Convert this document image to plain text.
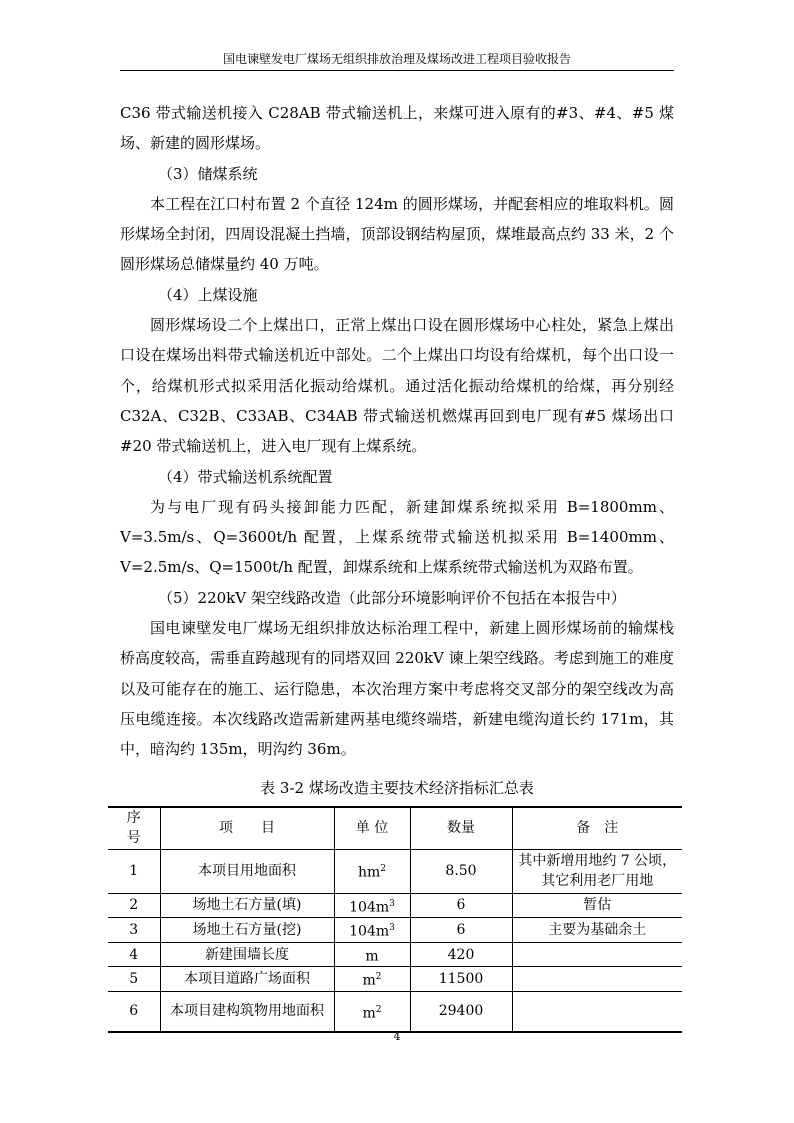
国电谏壁发电厂煤场无组织排放治理及煤场改进工程项目验收报告

C36 带式输送机接入 C28AB 带式输送机上，来煤可进入原有的#3、#4、#5 煤场、新建的圆形煤场。

（3）储煤系统

本工程在江口村布置 2 个直径 124m 的圆形煤场，并配套相应的堆取料机。圆形煤场全封闭，四周设混凝土挡墙，顶部设钢结构屋顶，煤堆最高点约 33 米，2 个圆形煤场总储煤量约 40 万吨。

（4）上煤设施

圆形煤场设二个上煤出口，正常上煤出口设在圆形煤场中心柱处，紧急上煤出口设在煤场出料带式输送机近中部处。二个上煤出口均设有给煤机，每个出口设一个，给煤机形式拟采用活化振动给煤机。通过活化振动给煤机的给煤，再分别经 C32A、C32B、C33AB、C34AB 带式输送机燃煤再回到电厂现有#5 煤场出口#20 带式输送机上，进入电厂现有上煤系统。

（4）带式输送机系统配置

为与电厂现有码头接卸能力匹配，新建卸煤系统拟采用 B=1800mm、V=3.5m/s、Q=3600t/h 配置，上煤系统带式输送机拟采用 B=1400mm、V=2.5m/s、Q=1500t/h 配置，卸煤系统和上煤系统带式输送机为双路布置。

（5）220kV 架空线路改造（此部分环境影响评价不包括在本报告中）

国电谏壁发电厂煤场无组织排放达标治理工程中，新建上圆形煤场前的输煤栈桥高度较高，需垂直跨越现有的同塔双回 220kV 谏上架空线路。考虑到施工的难度以及可能存在的施工、运行隐患，本次治理方案中考虑将交叉部分的架空线改为高压电缆连接。本次线路改造需新建两基电缆终端塔，新建电缆沟道长约 171m，其中，暗沟约 135m，明沟约 36m。

表 3-2 煤场改造主要技术经济指标汇总表
序号	项　　目	单 位	数量	备　注
1	本项目用地面积	$hm^2$	8.50	其中新增用地约 7 公顷，其它利用老厂用地
2	场地土石方量(填)	$104m^3$	6	暂估
3	场地土石方量(挖)	$104m^3$	6	主要为基础余土
4	新建围墙长度	m	420	
5	本项目道路广场面积	$m^2$	11500	
6	本项目建构筑物用地面积	$m^2$	29400	
4
